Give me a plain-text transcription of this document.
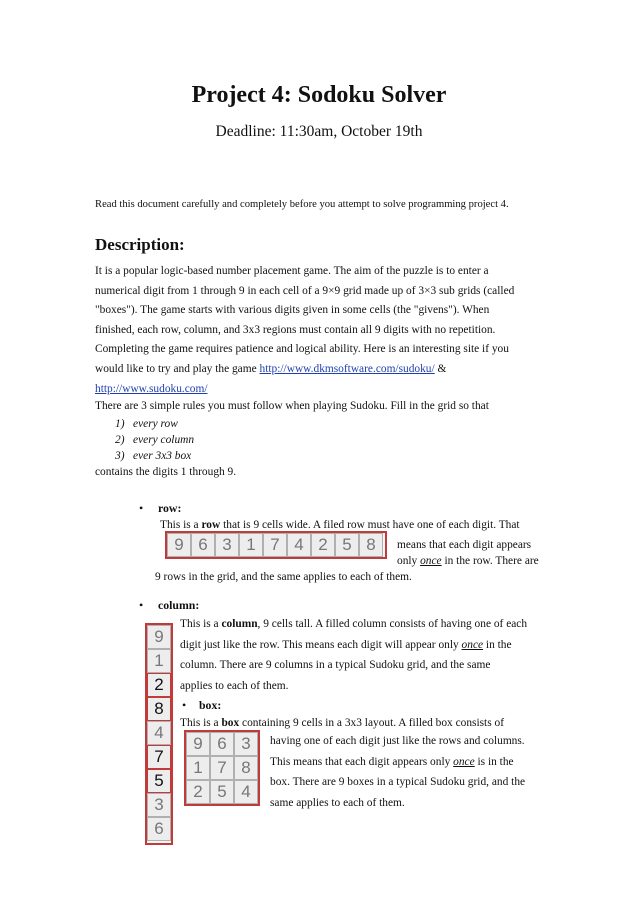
Project 4: Sodoku Solver
Deadline: 11:30am, October 19th
Read this document carefully and completely before you attempt to solve programming project 4.
Description:
It is a popular logic-based number placement game. The aim of the puzzle is to enter a
numerical digit from 1 through 9 in each cell of a 9×9 grid made up of 3×3 sub grids (called
"boxes"). The game starts with various digits given in some cells (the "givens"). When
finished, each row, column, and 3x3 regions must contain all 9 digits with no repetition.
Completing the game requires patience and logical ability. Here is an interesting site if you
would like to try and play the game http://www.dkmsoftware.com/sudoku/ &
http://www.sudoku.com/
There are 3 simple rules you must follow when playing Sudoku. Fill in the grid so that
1) every row
2) every column
3) ever 3x3 box
contains the digits 1 through 9.
• row:
This is a row that is 9 cells wide. A filed row must have one of each digit. That
9 6 3 1 7 4 2 5 8	means that each digit appears
only once in the row. There are
9 rows in the grid, and the same applies to each of them.
• column:
9
1
2
8
4
7
5
3
6
This is a column, 9 cells tall. A filled column consists of having one of each
digit just like the row. This means each digit will appear only once in the
column. There are 9 columns in a typical Sudoku grid, and the same
applies to each of them.
• box:
This is a box containing 9 cells in a 3x3 layout. A filled box consists of
9 6 3
1 7 8
2 5 4
having one of each digit just like the rows and columns.
This means that each digit appears only once is in the
box. There are 9 boxes in a typical Sudoku grid, and the
same applies to each of them.
